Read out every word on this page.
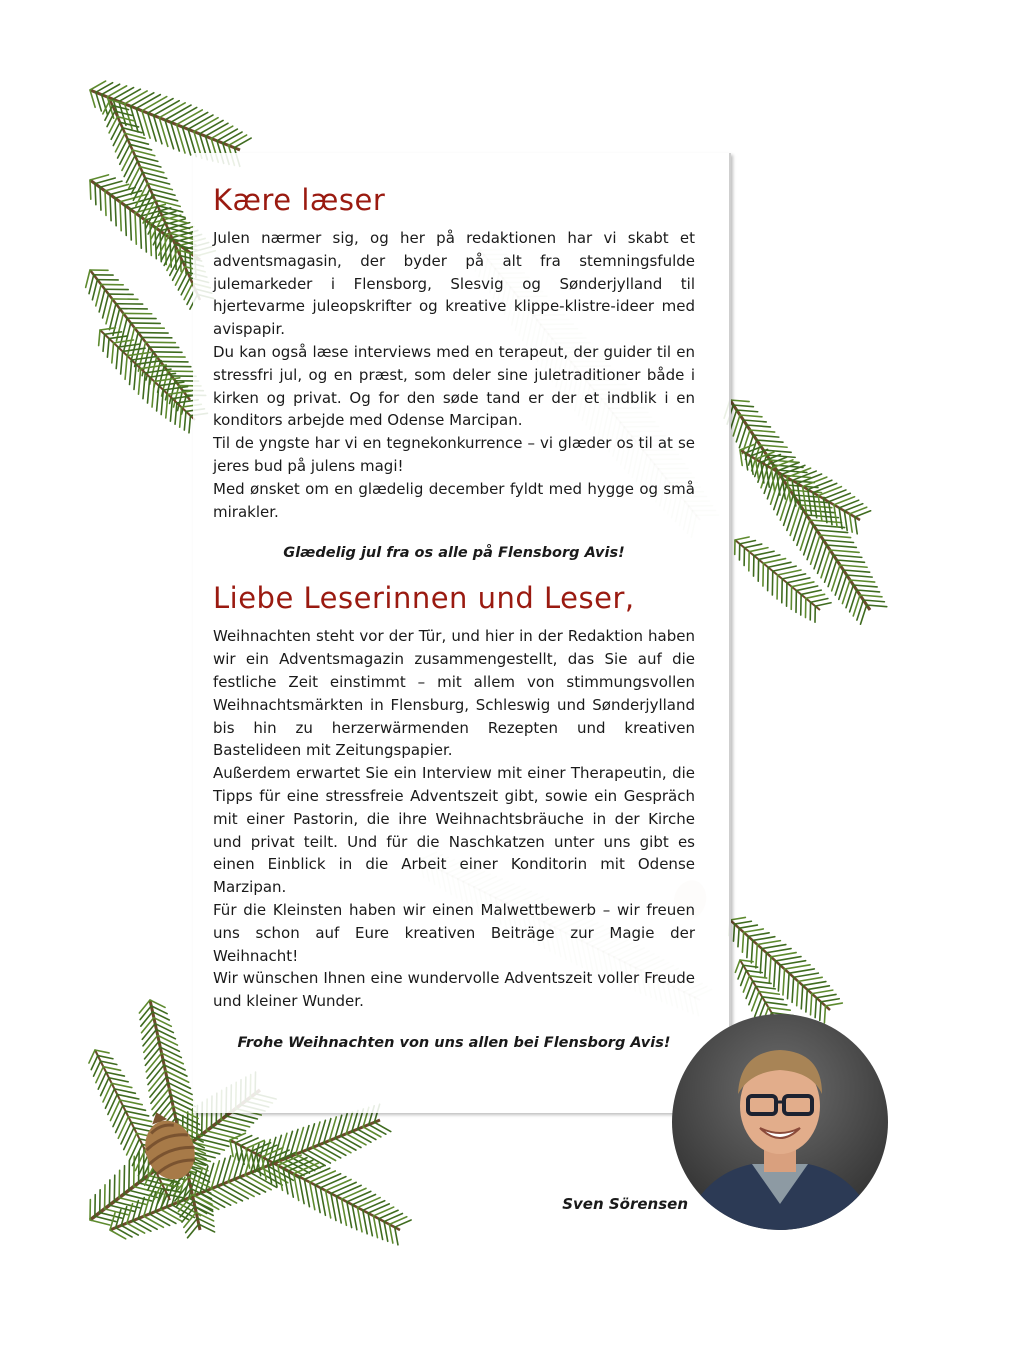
Kære læser

Julen nærmer sig, og her på redaktionen har vi skabt et adventsmagasin, der byder på alt fra stemningsfulde julemarkeder i Flensborg, Slesvig og Sønderjylland til hjertevarme juleopskrifter og kreative klippe-klistre-ideer med avispapir.

Du kan også læse interviews med en terapeut, der guider til en stressfri jul, og en præst, som deler sine juletraditioner både i kirken og privat. Og for den søde tand er der et indblik i en konditors arbejde med Odense Marcipan.

Til de yngste har vi en tegnekonkurrence – vi glæder os til at se jeres bud på julens magi!

Med ønsket om en glædelig december fyldt med hygge og små mirakler.

Glædelig jul fra os alle på Flensborg Avis!

Liebe Leserinnen und Leser,

Weihnachten steht vor der Tür, und hier in der Redaktion haben wir ein Adventsmagazin zusammengestellt, das Sie auf die festliche Zeit einstimmt – mit allem von stimmungsvollen Weihnachtsmärkten in Flensburg, Schleswig und Sønderjylland bis hin zu herzerwärmenden Rezepten und kreativen Bastelideen mit Zeitungspapier.

Außerdem erwartet Sie ein Interview mit einer Therapeutin, die Tipps für eine stressfreie Adventszeit gibt, sowie ein Gespräch mit einer Pastorin, die ihre Weihnachtsbräuche in der Kirche und privat teilt. Und für die Naschkatzen unter uns gibt es einen Einblick in die Arbeit einer Konditorin mit Odense Marzipan.

Für die Kleinsten haben wir einen Malwettbewerb – wir freuen uns schon auf Eure kreativen Beiträge zur Magie der Weihnacht!

Wir wünschen Ihnen eine wundervolle Adventszeit voller Freude und kleiner Wunder.

Frohe Weihnachten von uns allen bei Flensborg Avis!

Sven Sörensen
